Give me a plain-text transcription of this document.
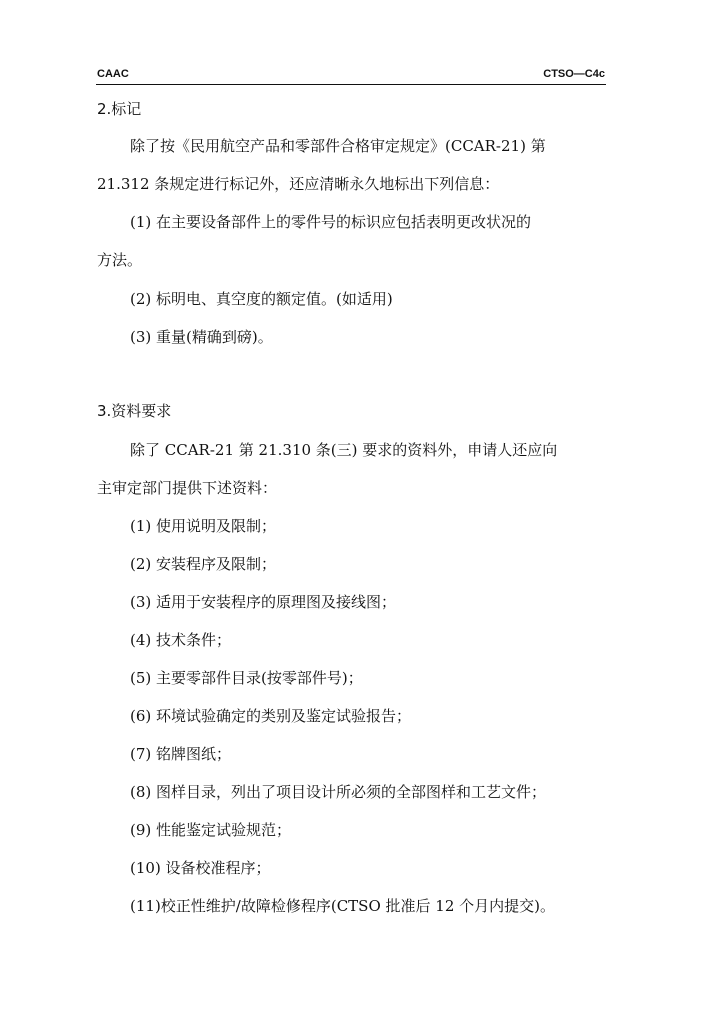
CAAC	CTSO—C4c
2.标记
除了按《民用航空产品和零部件合格审定规定》(CCAR-21) 第
21.312 条规定进行标记外，还应清晰永久地标出下列信息：
(1) 在主要设备部件上的零件号的标识应包括表明更改状况的
方法。
(2) 标明电、真空度的额定值。(如适用)
(3) 重量(精确到磅)。
3.资料要求
除了 CCAR-21 第 21.310 条(三) 要求的资料外，申请人还应向
主审定部门提供下述资料：
(1) 使用说明及限制；
(2) 安装程序及限制；
(3) 适用于安装程序的原理图及接线图；
(4) 技术条件；
(5) 主要零部件目录(按零部件号)；
(6) 环境试验确定的类别及鉴定试验报告；
(7) 铭牌图纸；
(8) 图样目录，列出了项目设计所必须的全部图样和工艺文件；
(9) 性能鉴定试验规范；
(10) 设备校准程序；
(11)校正性维护/故障检修程序(CTSO 批准后 12 个月内提交)。
